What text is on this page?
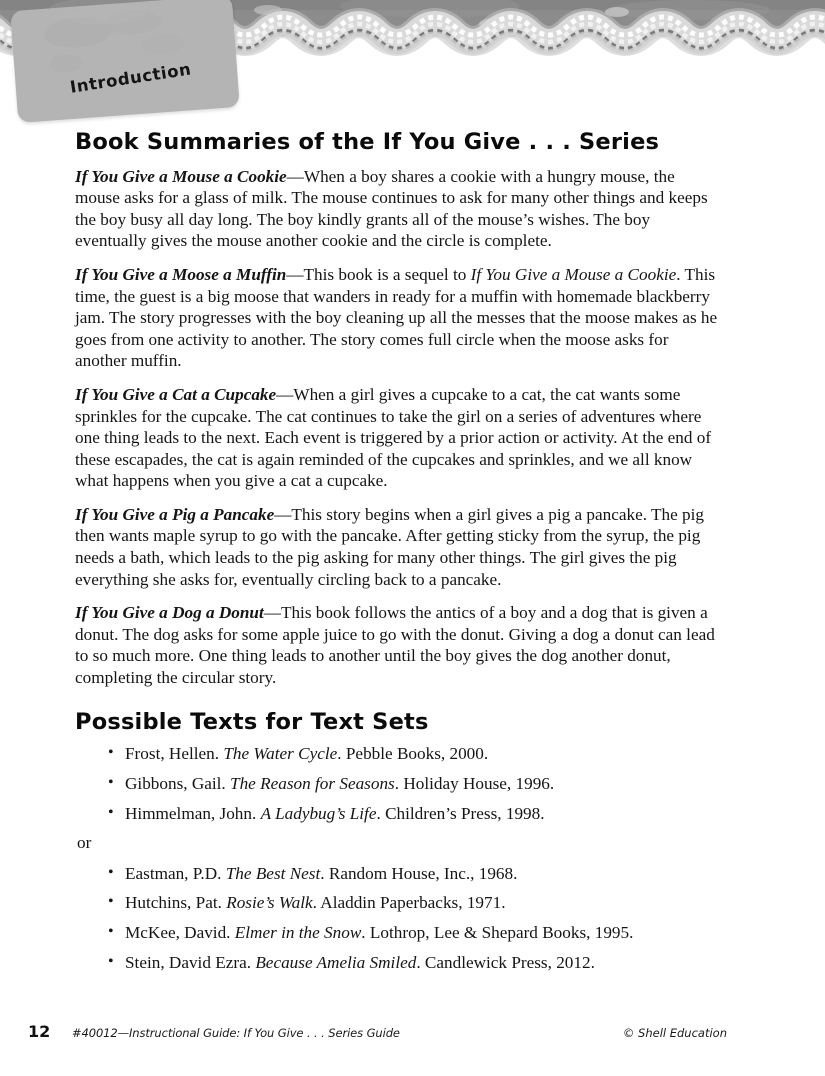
Introduction
Book Summaries of the If You Give . . . Series

If You Give a Mouse a Cookie—When a boy shares a cookie with a hungry mouse, the mouse asks for a glass of milk. The mouse continues to ask for many other things and keeps the boy busy all day long. The boy kindly grants all of the mouse’s wishes. The boy eventually gives the mouse another cookie and the circle is complete.

If You Give a Moose a Muffin—This book is a sequel to If You Give a Mouse a Cookie. This time, the guest is a big moose that wanders in ready for a muffin with homemade blackberry jam. The story progresses with the boy cleaning up all the messes that the moose makes as he goes from one activity to another. The story comes full circle when the moose asks for another muffin.

If You Give a Cat a Cupcake—When a girl gives a cupcake to a cat, the cat wants some sprinkles for the cupcake. The cat continues to take the girl on a series of adventures where one thing leads to the next. Each event is triggered by a prior action or activity. At the end of these escapades, the cat is again reminded of the cupcakes and sprinkles, and we all know what happens when you give a cat a cupcake.

If You Give a Pig a Pancake—This story begins when a girl gives a pig a pancake. The pig then wants maple syrup to go with the pancake. After getting sticky from the syrup, the pig needs a bath, which leads to the pig asking for many other things. The girl gives the pig everything she asks for, eventually circling back to a pancake.

If You Give a Dog a Donut—This book follows the antics of a boy and a dog that is given a donut. The dog asks for some apple juice to go with the donut. Giving a dog a donut can lead to so much more. One thing leads to another until the boy gives the dog another donut, completing the circular story.

Possible Texts for Text Sets
• Frost, Hellen. The Water Cycle. Pebble Books, 2000.
• Gibbons, Gail. The Reason for Seasons. Holiday House, 1996.
• Himmelman, John. A Ladybug’s Life. Children’s Press, 1998.
or
• Eastman, P.D. The Best Nest. Random House, Inc., 1968.
• Hutchins, Pat. Rosie’s Walk. Aladdin Paperbacks, 1971.
• McKee, David. Elmer in the Snow. Lothrop, Lee & Shepard Books, 1995.
• Stein, David Ezra. Because Amelia Smiled. Candlewick Press, 2012.
12 #40012—Instructional Guide: If You Give . . . Series Guide	© Shell Education
